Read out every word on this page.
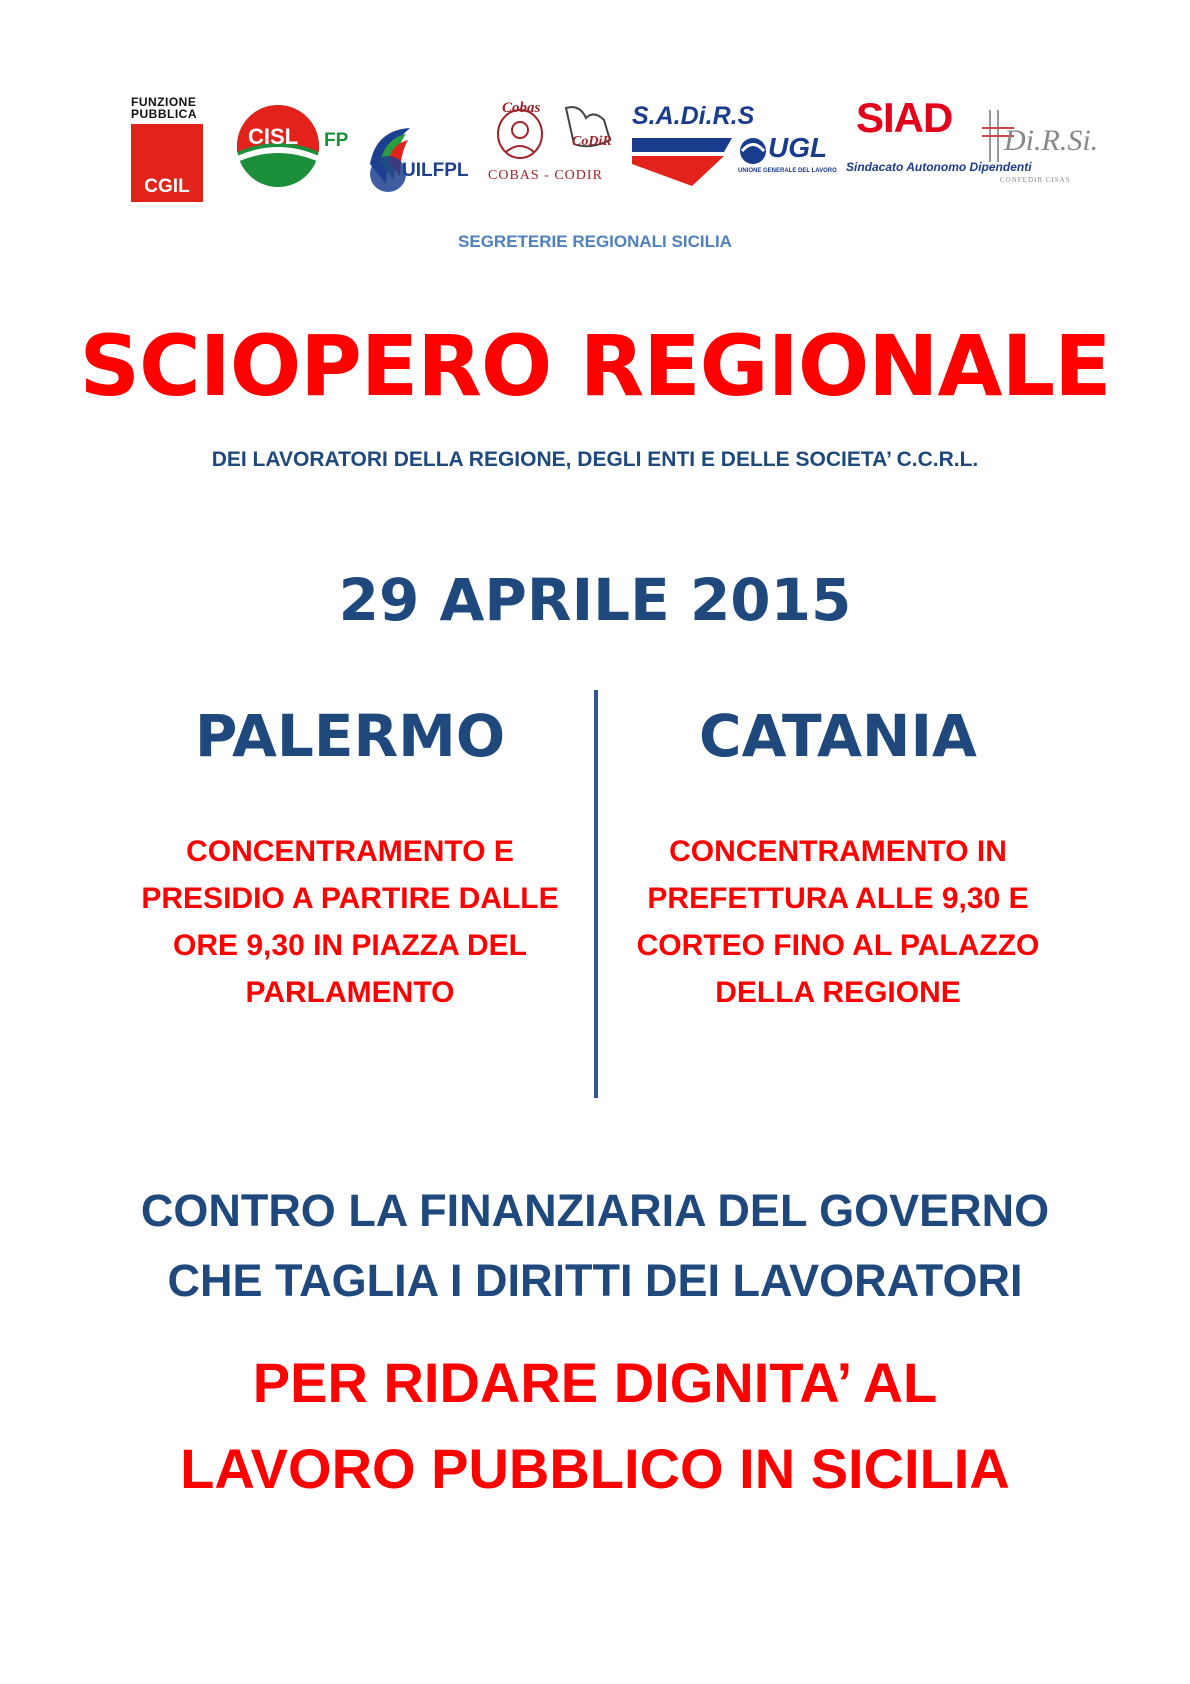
FUNZIONE
PUBBLICA
CGIL
CISL FP
UILFPL
Cobas
CoDiR
COBAS - CODIR
S.A.Di.R.S
UGL
UNIONE GENERALE DEL LAVORO
SIAD
Sindacato Autonomo Dipendenti
Di.R.Si.
CONFEDIR CISAS
SEGRETERIE REGIONALI SICILIA
SCIOPERO REGIONALE
DEI LAVORATORI DELLA REGIONE, DEGLI ENTI E DELLE SOCIETA’ C.C.R.L.
29 APRILE 2015
PALERMO
CONCENTRAMENTO E
PRESIDIO A PARTIRE DALLE
ORE 9,30 IN PIAZZA DEL
PARLAMENTO
CATANIA
CONCENTRAMENTO IN
PREFETTURA ALLE 9,30 E
CORTEO FINO AL PALAZZO
DELLA REGIONE
CONTRO LA FINANZIARIA DEL GOVERNO
CHE TAGLIA I DIRITTI DEI LAVORATORI
PER RIDARE DIGNITA’ AL
LAVORO PUBBLICO IN SICILIA
